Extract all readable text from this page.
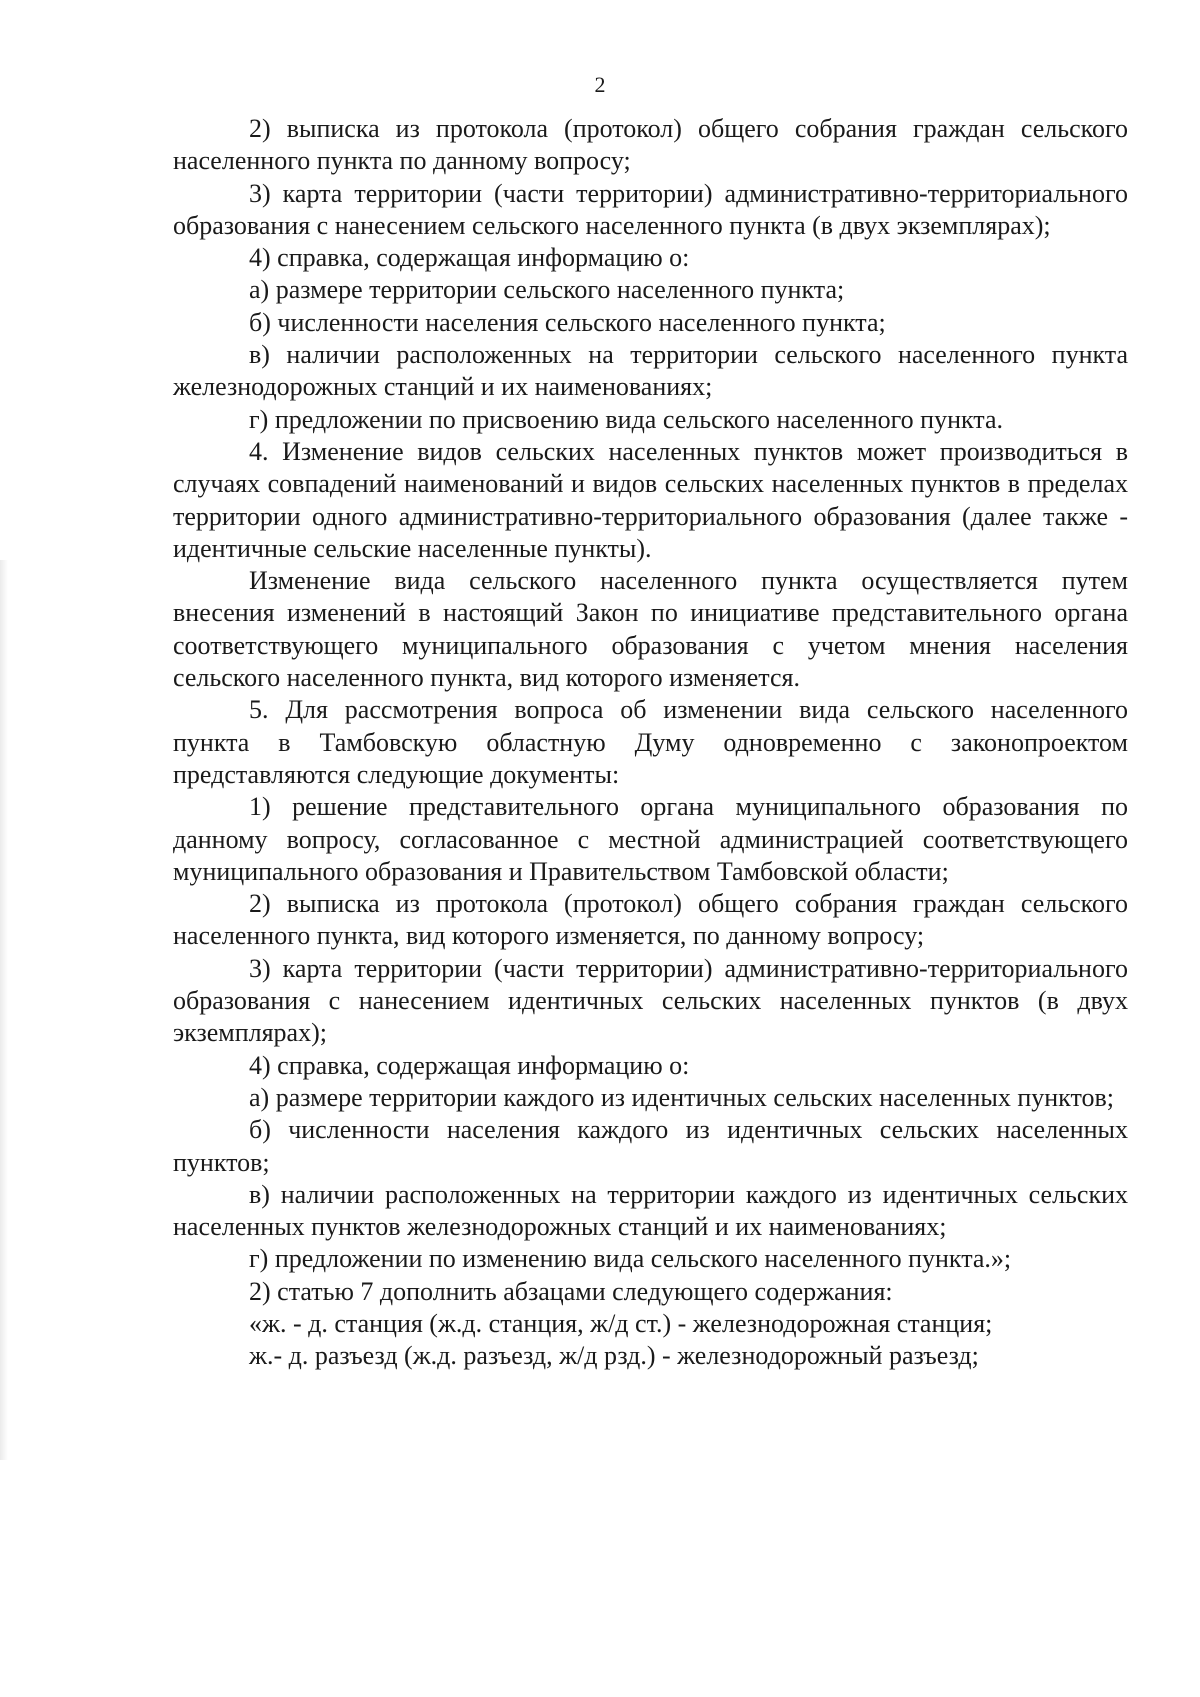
2

2) выписка из протокола (протокол) общего собрания граждан сельского населенного пункта по данному вопросу;

3) карта территории (части территории) административно-территориального образования с нанесением сельского населенного пункта (в двух экземплярах);

4) справка, содержащая информацию о:

а) размере территории сельского населенного пункта;

б) численности населения сельского населенного пункта;

в) наличии расположенных на территории сельского населенного пункта железнодорожных станций и их наименованиях;

г) предложении по присвоению вида сельского населенного пункта.

4. Изменение видов сельских населенных пунктов может производиться в случаях совпадений наименований и видов сельских населенных пунктов в пределах территории одного административно-территориального образования (далее также - идентичные сельские населенные пункты).

Изменение вида сельского населенного пункта осуществляется путем внесения изменений в настоящий Закон по инициативе представительного органа соответствующего муниципального образования с учетом мнения населения сельского населенного пункта, вид которого изменяется.

5. Для рассмотрения вопроса об изменении вида сельского населенного пункта в Тамбовскую областную Думу одновременно с законопроектом представляются следующие документы:

1) решение представительного органа муниципального образования по данному вопросу, согласованное с местной администрацией соответствующего муниципального образования и Правительством Тамбовской области;

2) выписка из протокола (протокол) общего собрания граждан сельского населенного пункта, вид которого изменяется, по данному вопросу;

3) карта территории (части территории) административно-территориального образования с нанесением идентичных сельских населенных пунктов (в двух экземплярах);

4) справка, содержащая информацию о:

а) размере территории каждого из идентичных сельских населенных пунктов;

б) численности населения каждого из идентичных сельских населенных пунктов;

в) наличии расположенных на территории каждого из идентичных сельских населенных пунктов железнодорожных станций и их наименованиях;

г) предложении по изменению вида сельского населенного пункта.»;

2) статью 7 дополнить абзацами следующего содержания:

«ж. - д. станция (ж.д. станция, ж/д ст.) - железнодорожная станция;

ж.- д. разъезд (ж.д. разъезд, ж/д рзд.) - железнодорожный разъезд;
